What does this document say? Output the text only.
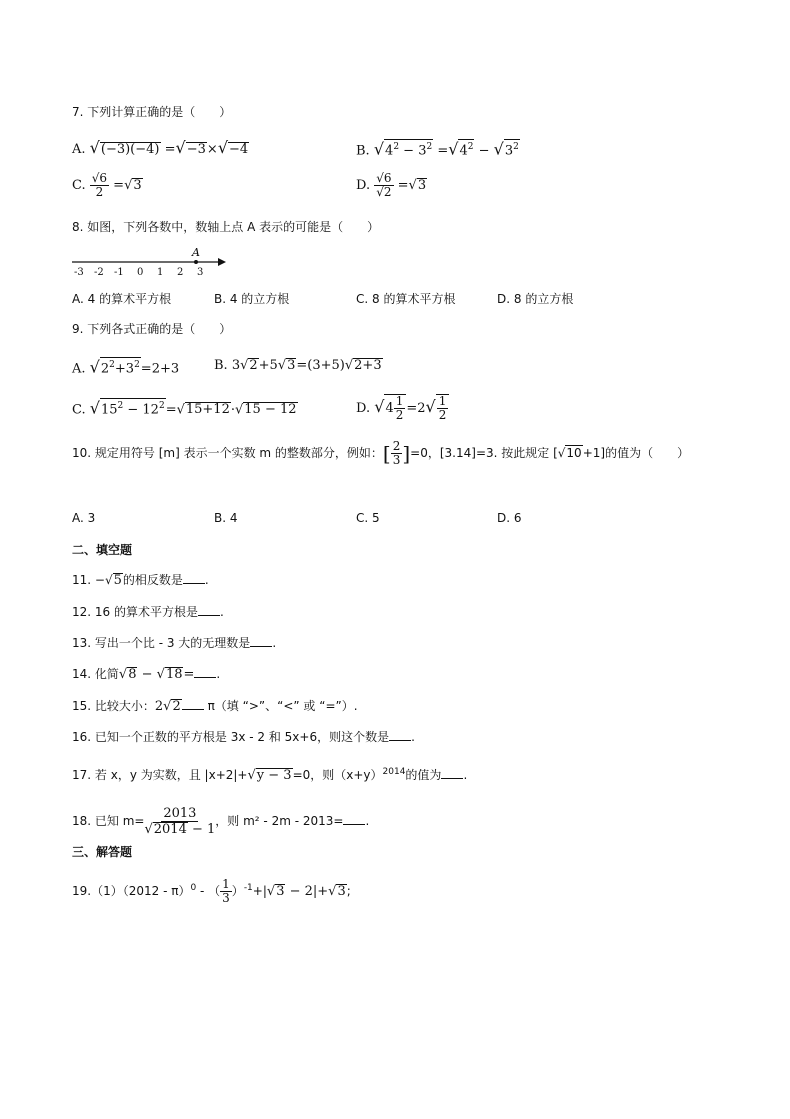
7. 下列计算正确的是（　　）
A. √(−3)(−4) =√−3×√−4	B. $√4^2 - 3^2 =√4^2 - √3^2$
C. $\frac{√6}{2} =√3$	D. $\frac{√6}{√2} =√3$
8. 如图，下列各数中，数轴上点 A 表示的可能是（　　）
A
-3 -2 -1 0 1 2 3
A. 4 的算术平方根	B. 4 的立方根	C. 8 的算术平方根	D. 8 的立方根
9. 下列各式正确的是（　　）
A. $√2^2+3^2=2+3$	B. 3√2+5√3=(3+5)√2+3
C. $√15^2 - 12^2=√15+12\cdot√15 - 12$	D. $√4 \frac{1}{2} =2√ \frac{1}{2}$
10. 规定用符号 [m] 表示一个实数 m 的整数部分，例如：[ $\frac{2}{3} ]=0$，[3.14]=3. 按此规定 [√10+1]的值为（　　）
A. 3	B. 4	C. 5	D. 6
二、填空题
11. −√5的相反数是 .
12. 16 的算术平方根是 .
13. 写出一个比 - 3 大的无理数是 .
14. 化简√8 − √18= .
15. 比较大小：2√2 π（填 “>”、“<” 或 “=”）.
16. 已知一个正数的平方根是 3x - 2 和 5x+6，则这个数是 .
17. 若 x，y 为实数，且 |x+2|+√y − 3=0，则$(x+y)^{2014}$的值为 .
18. 已知 $m= \frac{2013}{√2014 - 1}$ ，则 m² - 2m - 2013= .
三、解答题
19.（1）（2012 - π）$^0$ - （ $\frac{1}{3} )^{-1}+|√3 - 2|+√3$;
